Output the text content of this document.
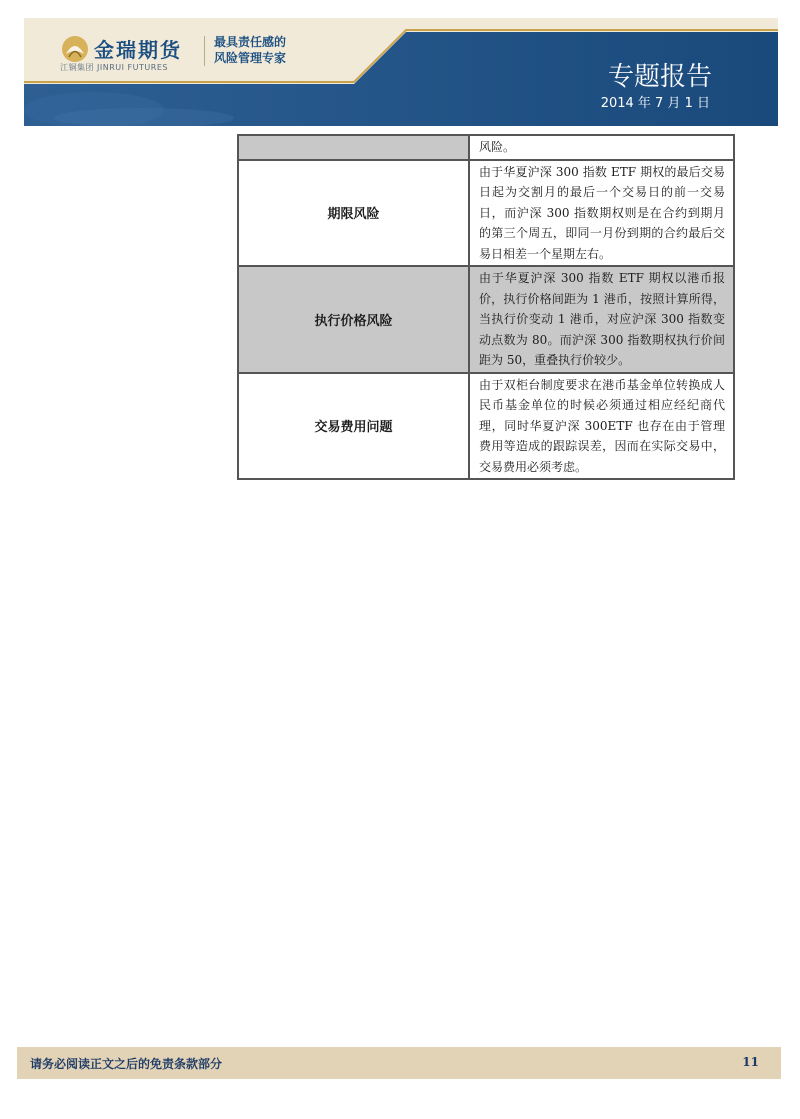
金瑞期货
江铜集团 JINRUI FUTURES
最具责任感的
风险管理专家
专题报告
2014 年 7 月 1 日
	风险。
期限风险	由于华夏沪深 300 指数 ETF 期权的最后交易日起为交割月的最后一个交易日的前一交易日，而沪深 300 指数期权则是在合约到期月的第三个周五，即同一月份到期的合约最后交易日相差一个星期左右。
执行价格风险	由于华夏沪深 300 指数 ETF 期权以港币报价，执行价格间距为 1 港币，按照计算所得，当执行价变动 1 港币，对应沪深 300 指数变动点数为 80。而沪深 300 指数期权执行价间距为 50，重叠执行价较少。
交易费用问题	由于双柜台制度要求在港币基金单位转换成人民币基金单位的时候必须通过相应经纪商代理，同时华夏沪深 300ETF 也存在由于管理费用等造成的跟踪误差，因而在实际交易中，交易费用必须考虑。
请务必阅读正文之后的免责条款部分	11
